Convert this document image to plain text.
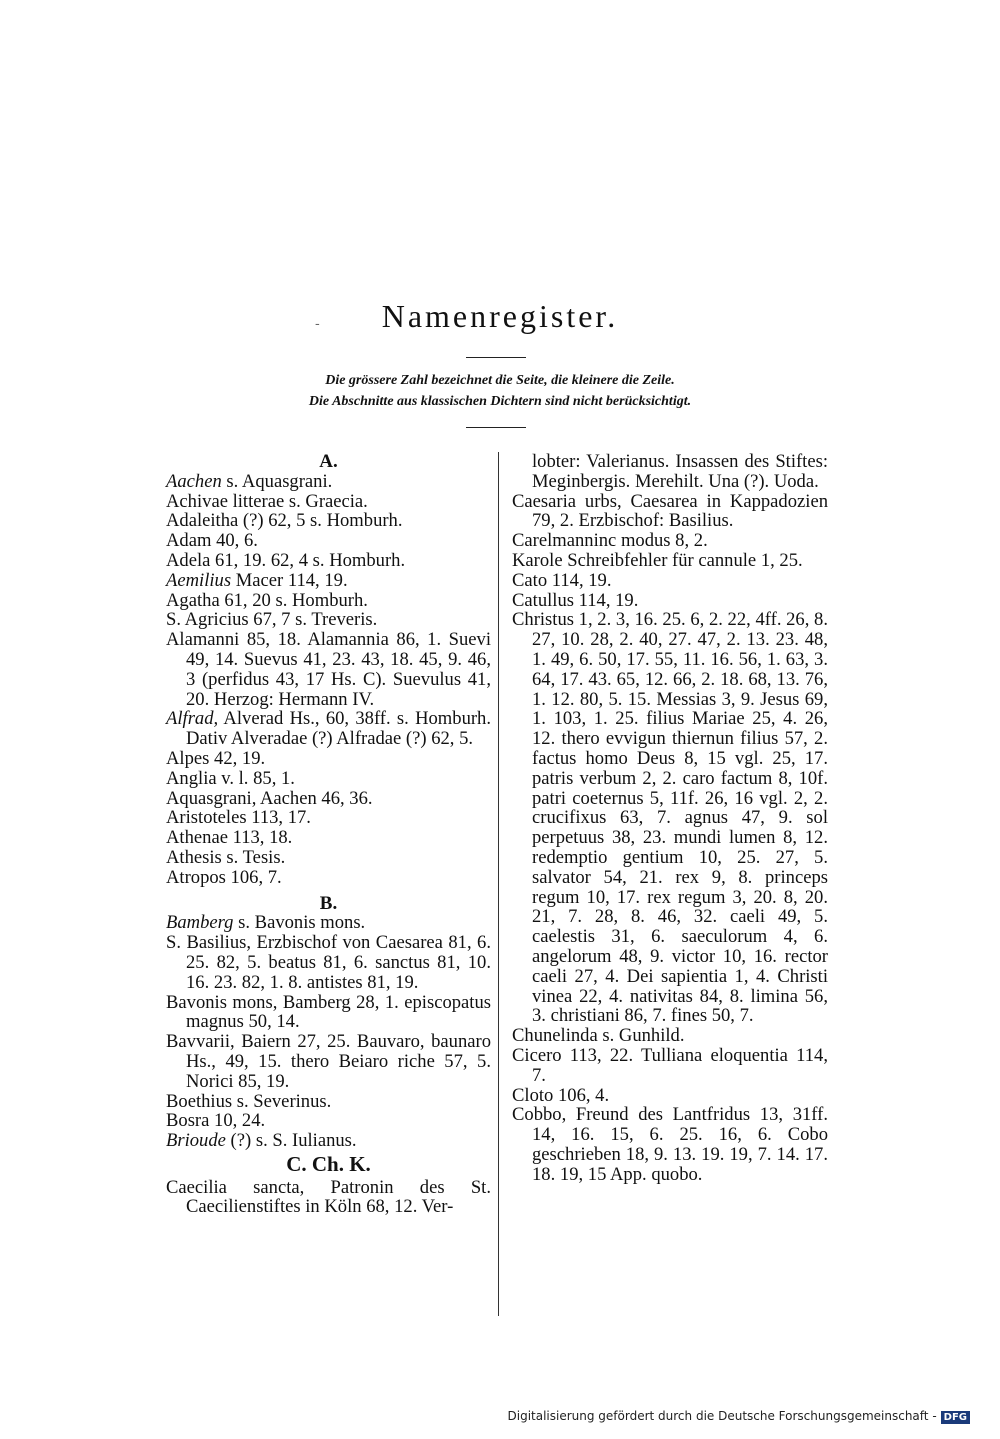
-	Namenregister.
Die grössere Zahl bezeichnet die Seite, die kleinere die Zeile.
Die Abschnitte aus klassischen Dichtern sind nicht berücksichtigt.

A.

Aachen s. Aquasgrani.

Achivae litterae s. Graecia.

Adaleitha (?) 62, 5 s. Homburh.

Adam 40, 6.

Adela 61, 19. 62, 4 s. Homburh.

Aemilius Macer 114, 19.

Agatha 61, 20 s. Homburh.

S. Agricius 67, 7 s. Treveris.

Alamanni 85, 18. Alamannia 86, 1. Suevi 49, 14. Suevus 41, 23. 43, 18. 45, 9. 46, 3 (perfidus 43, 17 Hs. C). Suevulus 41, 20. Herzog: Hermann IV.

Alfrad, Alverad Hs., 60, 38ff. s. Homburh. Dativ Alveradae (?) Alfradae (?) 62, 5.

Alpes 42, 19.

Anglia v. l. 85, 1.

Aquasgrani, Aachen 46, 36.

Aristoteles 113, 17.

Athenae 113, 18.

Athesis s. Tesis.

Atropos 106, 7.

B.

Bamberg s. Bavonis mons.

S. Basilius, Erzbischof von Caesarea 81, 6. 25. 82, 5. beatus 81, 6. sanctus 81, 10. 16. 23. 82, 1. 8. antistes 81, 19.

Bavonis mons, Bamberg 28, 1. episcopatus magnus 50, 14.

Bavvarii, Baiern 27, 25. Bauvaro, baunaro Hs., 49, 15. thero Beiaro riche 57, 5. Norici 85, 19.

Boethius s. Severinus.

Bosra 10, 24.

Brioude (?) s. S. Iulianus.

C. Ch. K.

Caecilia sancta, Patronin des St. Caecilienstiftes in Köln 68, 12. Ver-

lobter: Valerianus. Insassen des Stiftes: Meginbergis. Merehilt. Una (?). Uoda.

Caesaria urbs, Caesarea in Kappadozien 79, 2. Erzbischof: Basilius.

Carelmanninc modus 8, 2.

Karole Schreibfehler für cannule 1, 25.

Cato 114, 19.

Catullus 114, 19.

Christus 1, 2. 3, 16. 25. 6, 2. 22, 4ff. 26, 8. 27, 10. 28, 2. 40, 27. 47, 2. 13. 23. 48, 1. 49, 6. 50, 17. 55, 11. 16. 56, 1. 63, 3. 64, 17. 43. 65, 12. 66, 2. 18. 68, 13. 76, 1. 12. 80, 5. 15. Messias 3, 9. Jesus 69, 1. 103, 1. 25. filius Mariae 25, 4. 26, 12. thero evvigun thiernun filius 57, 2. factus homo Deus 8, 15 vgl. 25, 17. patris verbum 2, 2. caro factum 8, 10f. patri coeternus 5, 11f. 26, 16 vgl. 2, 2. crucifixus 63, 7. agnus 47, 9. sol perpetuus 38, 23. mundi lumen 8, 12. redemptio gentium 10, 25. 27, 5. salvator 54, 21. rex 9, 8. princeps regum 10, 17. rex regum 3, 20. 8, 20. 21, 7. 28, 8. 46, 32. caeli 49, 5. caelestis 31, 6. saeculorum 4, 6. angelorum 48, 9. victor 10, 16. rector caeli 27, 4. Dei sapientia 1, 4. Christi vinea 22, 4. nativitas 84, 8. limina 56, 3. christiani 86, 7. fines 50, 7.

Chunelinda s. Gunhild.

Cicero 113, 22. Tulliana eloquentia 114, 7.

Cloto 106, 4.

Cobbo, Freund des Lantfridus 13, 31ff. 14, 16. 15, 6. 25. 16, 6. Cobo geschrieben 18, 9. 13. 19. 19, 7. 14. 17. 18. 19, 15 App. quobo.

Digitalisierung gefördert durch die Deutsche Forschungsgemeinschaft - DFG
